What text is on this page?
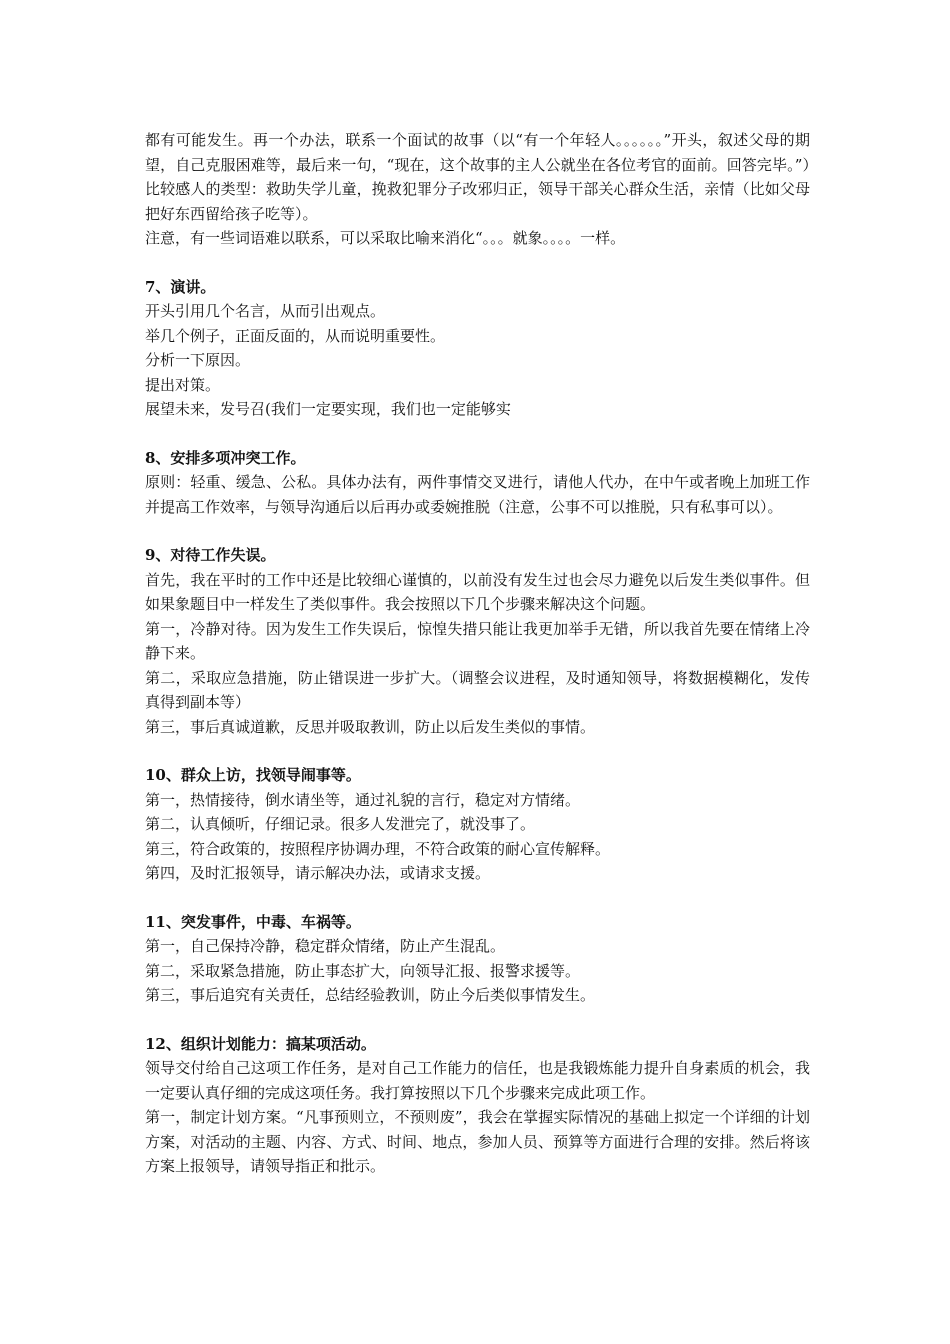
都有可能发生。再一个办法，联系一个面试的故事（以“有一个年轻人。。。。。。”开头，叙述父母的期望，自己克服困难等，最后来一句，“现在，这个故事的主人公就坐在各位考官的面前。回答完毕。”）比较感人的类型：救助失学儿童，挽救犯罪分子改邪归正，领导干部关心群众生活，亲情（比如父母把好东西留给孩子吃等）。

注意，有一些词语难以联系，可以采取比喻来消化“。。。就象。。。。一样。

7、演讲。

开头引用几个名言，从而引出观点。

举几个例子，正面反面的，从而说明重要性。

分析一下原因。

提出对策。

展望未来，发号召(我们一定要实现，我们也一定能够实

8、安排多项冲突工作。

原则：轻重、缓急、公私。具体办法有，两件事情交叉进行，请他人代办，在中午或者晚上加班工作并提高工作效率，与领导沟通后以后再办或委婉推脱（注意，公事不可以推脱，只有私事可以）。

9、对待工作失误。

首先，我在平时的工作中还是比较细心谨慎的，以前没有发生过也会尽力避免以后发生类似事件。但如果象题目中一样发生了类似事件。我会按照以下几个步骤来解决这个问题。

第一，冷静对待。因为发生工作失误后，惊惶失措只能让我更加举手无错，所以我首先要在情绪上冷静下来。

第二，采取应急措施，防止错误进一步扩大。（调整会议进程，及时通知领导，将数据模糊化，发传真得到副本等）

第三，事后真诚道歉，反思并吸取教训，防止以后发生类似的事情。

10、群众上访，找领导闹事等。

第一，热情接待，倒水请坐等，通过礼貌的言行，稳定对方情绪。

第二，认真倾听，仔细记录。很多人发泄完了，就没事了。

第三，符合政策的，按照程序协调办理，不符合政策的耐心宣传解释。

第四，及时汇报领导，请示解决办法，或请求支援。

11、突发事件，中毒、车祸等。

第一，自己保持冷静，稳定群众情绪，防止产生混乱。

第二，采取紧急措施，防止事态扩大，向领导汇报、报警求援等。

第三，事后追究有关责任，总结经验教训，防止今后类似事情发生。

12、组织计划能力：搞某项活动。

领导交付给自己这项工作任务，是对自己工作能力的信任，也是我锻炼能力提升自身素质的机会，我一定要认真仔细的完成这项任务。我打算按照以下几个步骤来完成此项工作。

第一，制定计划方案。“凡事预则立，不预则废”，我会在掌握实际情况的基础上拟定一个详细的计划方案，对活动的主题、内容、方式、时间、地点，参加人员、预算等方面进行合理的安排。然后将该方案上报领导，请领导指正和批示。
